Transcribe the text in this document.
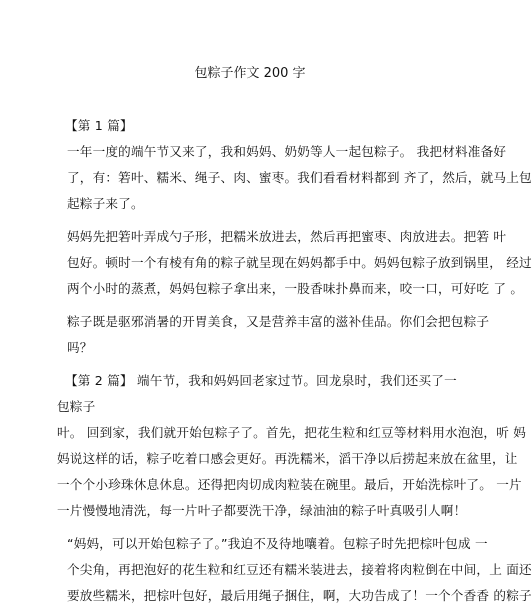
包粽子作文 200 字

【第 1 篇】

一年一度的端午节又来了，我和妈妈、奶奶等人一起包粽子。 我把材料准备好
了，有：箬叶、糯米、绳子、肉、蜜枣。我们看看材料都到 齐了，然后，就马上包
起粽子来了。

妈妈先把箬叶弄成勺子形，把糯米放进去，然后再把蜜枣、肉放进去。把箬 叶
包好。顿时一个有棱有角的粽子就呈现在妈妈都手中。妈妈包粽子放到锅里， 经过
两个小时的蒸煮，妈妈包粽子拿出来，一股香味扑鼻而来，咬一口，可好吃 了 。

粽子既是驱邪消暑的开胃美食，又是营养丰富的滋补佳品。你们会把包粽子
吗？

【第 2 篇】 端午节，我和妈妈回老家过节。回龙泉时，我们还买了一包粽子

叶。 回到家，我们就开始包粽子了。首先，把花生粒和红豆等材料用水泡泡，听 妈
妈说这样的话，粽子吃着口感会更好。再洗糯米，滔干净以后捞起来放在盆里，让
一个个小珍珠休息休息。还得把肉切成肉粒装在碗里。最后，开始洗棕叶了。 一片
一片慢慢地清洗，每一片叶子都要洗干净，绿油油的粽子叶真吸引人啊！

“妈妈，可以开始包粽子了。”我迫不及待地嚷着。包粽子时先把棕叶包成 一
个尖角，再把泡好的花生粒和红豆还有糯米装进去，接着将肉粒倒在中间，上 面还
要放些糯米，把棕叶包好，最后用绳子捆住，啊，大功告成了！一个个香香 的粽子
